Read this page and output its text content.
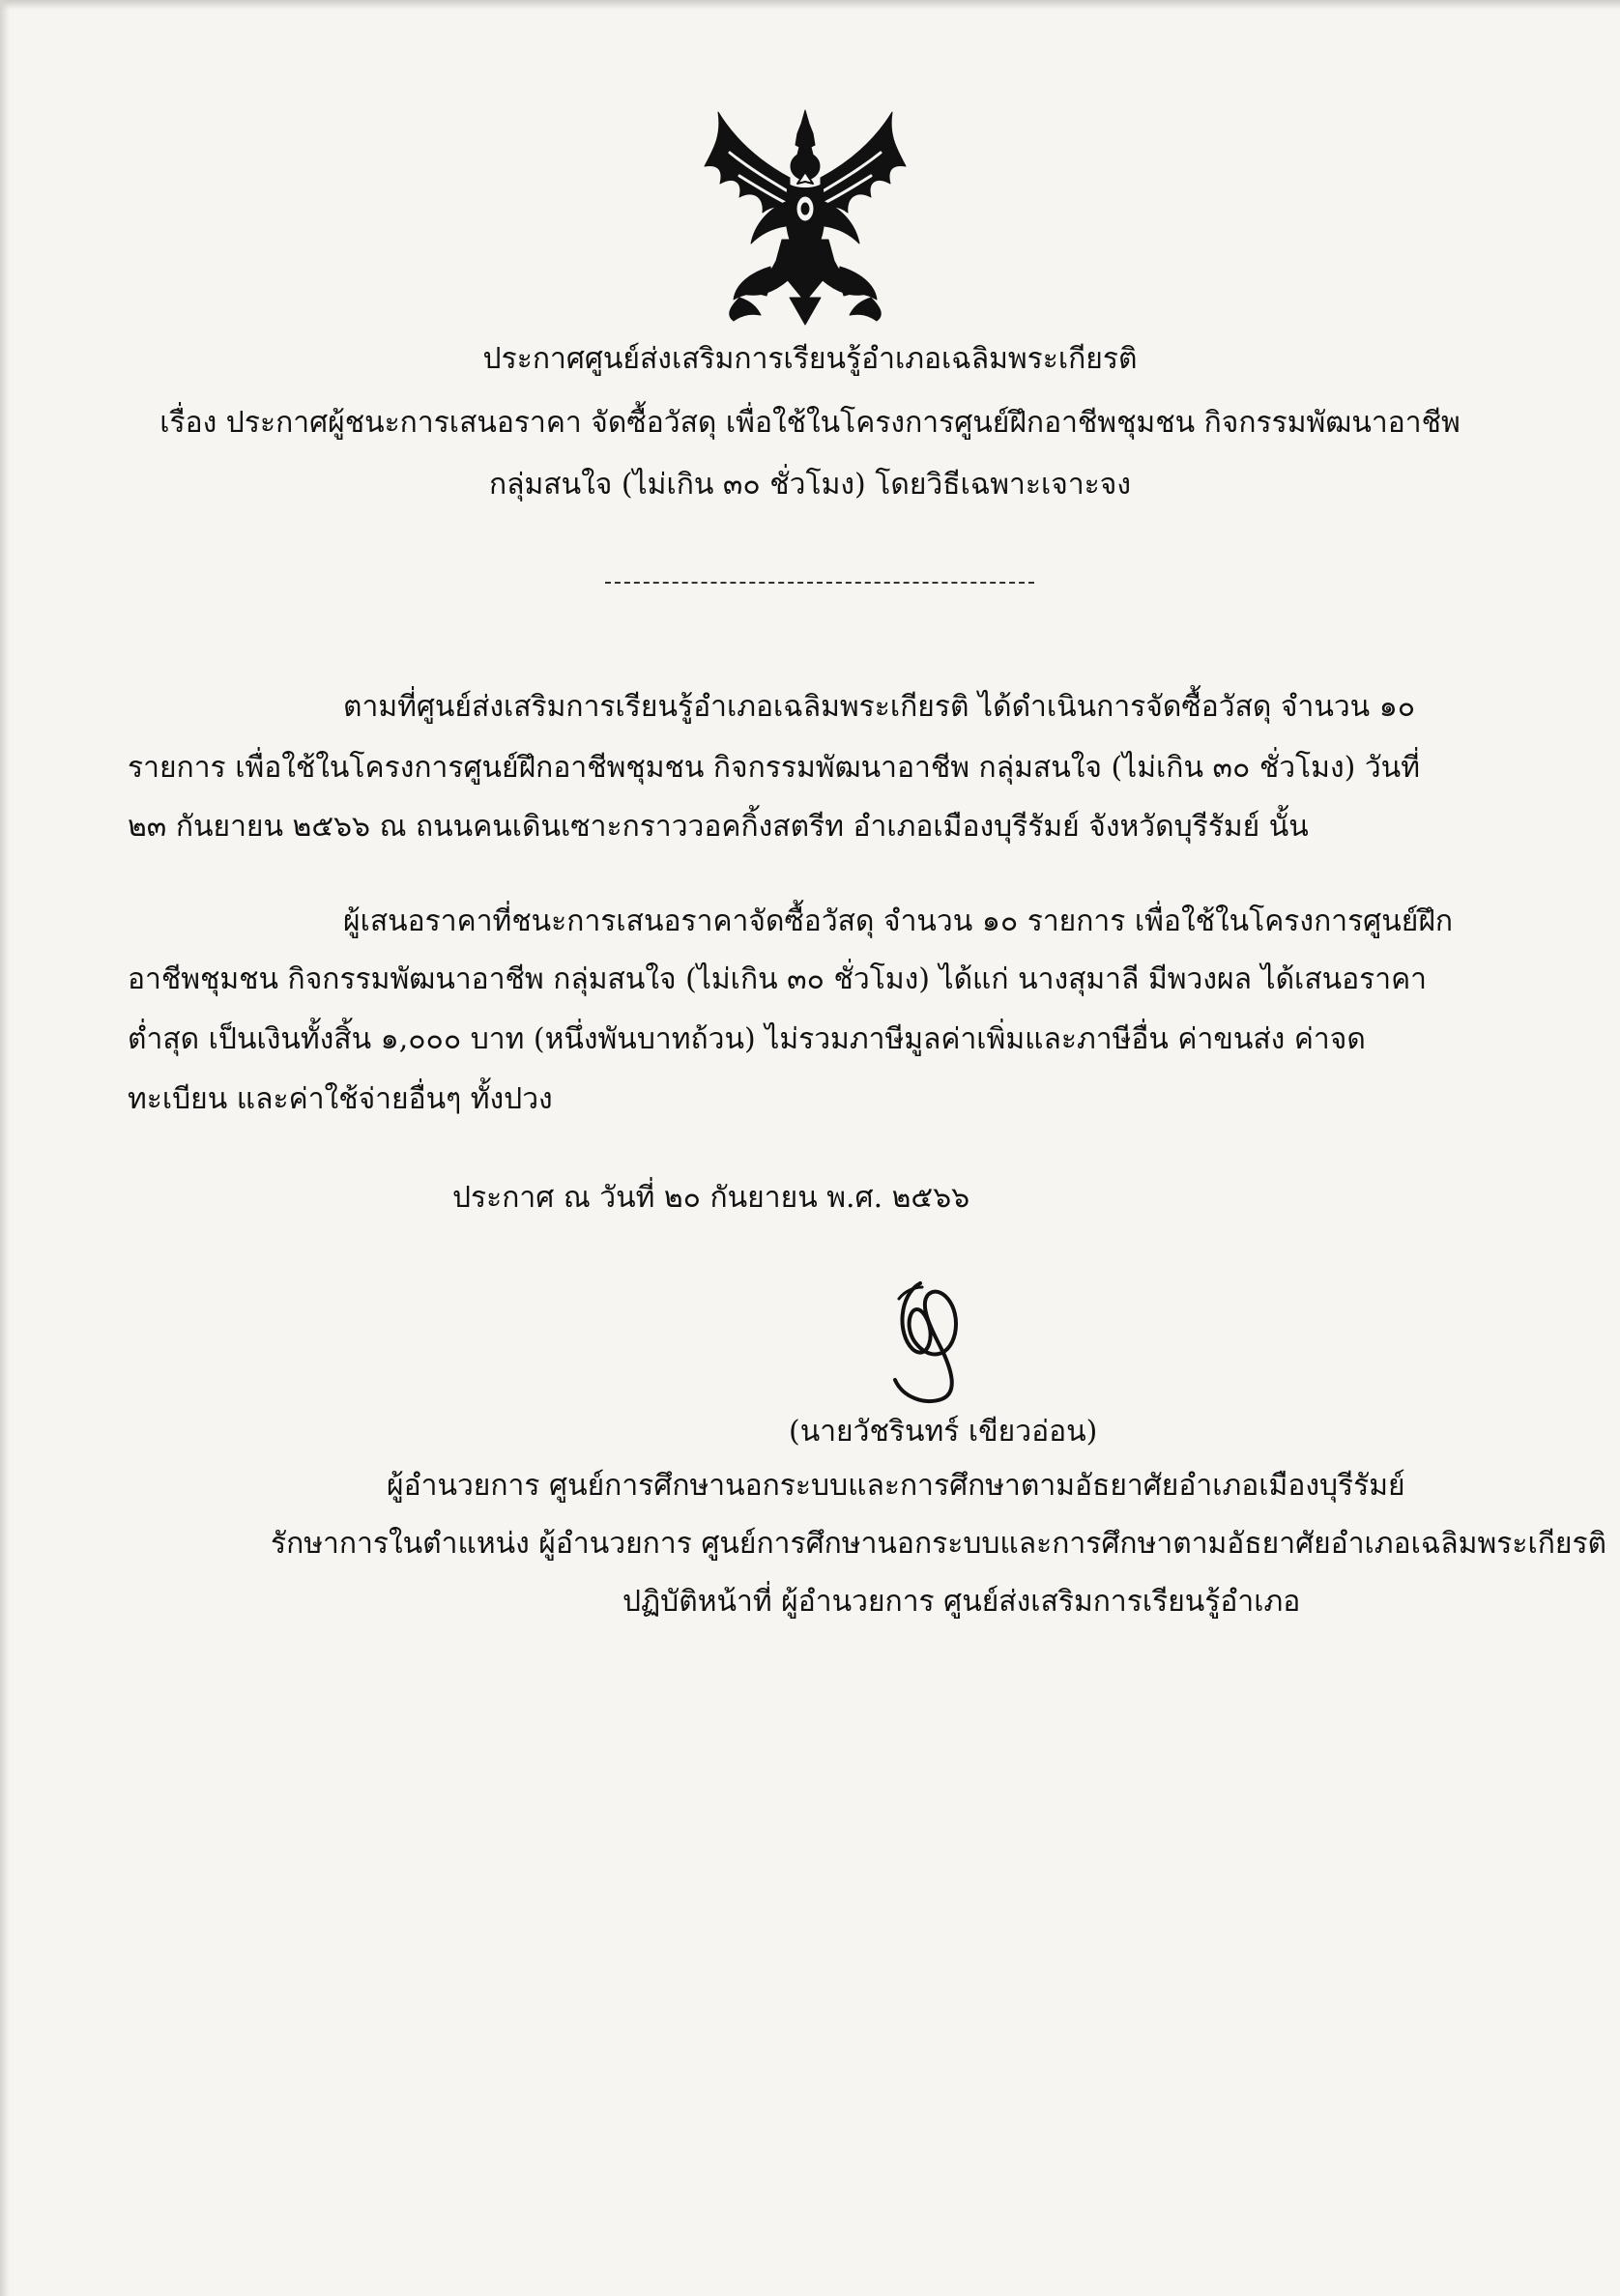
ประกาศศูนย์ส่งเสริมการเรียนรู้อำเภอเฉลิมพระเกียรติ
เรื่อง ประกาศผู้ชนะการเสนอราคา จัดซื้อวัสดุ เพื่อใช้ในโครงการศูนย์ฝึกอาชีพชุมชน กิจกรรมพัฒนาอาชีพ
กลุ่มสนใจ (ไม่เกิน ๓๐ ชั่วโมง) โดยวิธีเฉพาะเจาะจง
ตามที่ศูนย์ส่งเสริมการเรียนรู้อำเภอเฉลิมพระเกียรติ ได้ดำเนินการจัดซื้อวัสดุ จำนวน ๑๐
รายการ เพื่อใช้ในโครงการศูนย์ฝึกอาชีพชุมชน กิจกรรมพัฒนาอาชีพ กลุ่มสนใจ (ไม่เกิน ๓๐ ชั่วโมง) วันที่
๒๓ กันยายน ๒๕๖๖ ณ ถนนคนเดินเซาะกราววอคกิ้งสตรีท อำเภอเมืองบุรีรัมย์ จังหวัดบุรีรัมย์ นั้น
ผู้เสนอราคาที่ชนะการเสนอราคาจัดซื้อวัสดุ จำนวน ๑๐ รายการ เพื่อใช้ในโครงการศูนย์ฝึก
อาชีพชุมชน กิจกรรมพัฒนาอาชีพ กลุ่มสนใจ (ไม่เกิน ๓๐ ชั่วโมง) ได้แก่ นางสุมาลี มีพวงผล ได้เสนอราคา
ต่ำสุด เป็นเงินทั้งสิ้น ๑,๐๐๐ บาท (หนึ่งพันบาทถ้วน) ไม่รวมภาษีมูลค่าเพิ่มและภาษีอื่น ค่าขนส่ง ค่าจด
ทะเบียน และค่าใช้จ่ายอื่นๆ ทั้งปวง
ประกาศ ณ วันที่ ๒๐ กันยายน พ.ศ. ๒๕๖๖
(นายวัชรินทร์ เขียวอ่อน)
ผู้อำนวยการ ศูนย์การศึกษานอกระบบและการศึกษาตามอัธยาศัยอำเภอเมืองบุรีรัมย์
รักษาการในตำแหน่ง ผู้อำนวยการ ศูนย์การศึกษานอกระบบและการศึกษาตามอัธยาศัยอำเภอเฉลิมพระเกียรติ
ปฏิบัติหน้าที่ ผู้อำนวยการ ศูนย์ส่งเสริมการเรียนรู้อำเภอ
